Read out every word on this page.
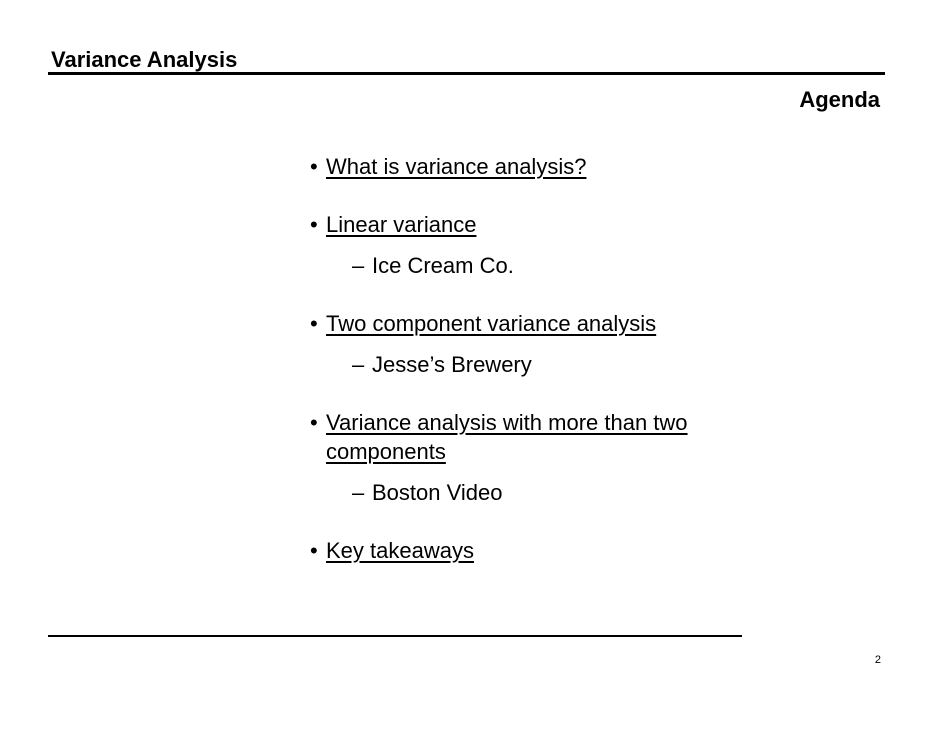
Variance Analysis
Agenda
• What is variance analysis?
• Linear variance
– Ice Cream Co.
• Two component variance analysis
– Jesse’s Brewery
• Variance analysis with more than two components
– Boston Video
• Key takeaways
2
